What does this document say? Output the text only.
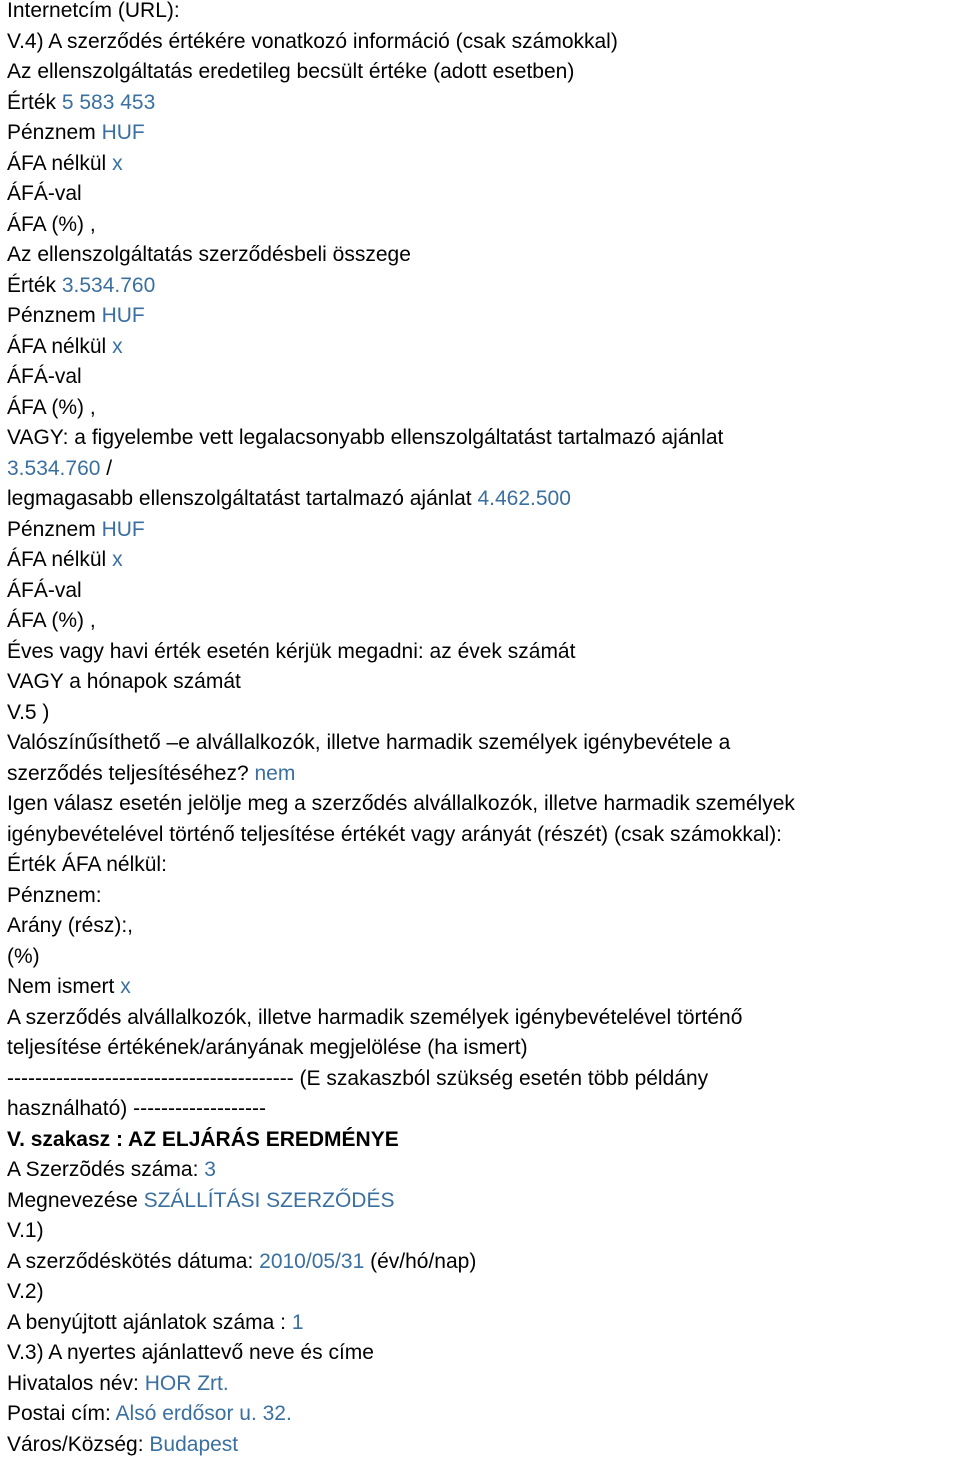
Internetcím (URL):
V.4) A szerződés értékére vonatkozó információ (csak számokkal)
Az ellenszolgáltatás eredetileg becsült értéke (adott esetben)
Érték 5 583 453
Pénznem HUF
ÁFA nélkül x
ÁFÁ-val
ÁFA (%) ,
Az ellenszolgáltatás szerződésbeli összege
Érték 3.534.760
Pénznem HUF
ÁFA nélkül x
ÁFÁ-val
ÁFA (%) ,
VAGY: a figyelembe vett legalacsonyabb ellenszolgáltatást tartalmazó ajánlat
3.534.760 /
legmagasabb ellenszolgáltatást tartalmazó ajánlat 4.462.500
Pénznem HUF
ÁFA nélkül x
ÁFÁ-val
ÁFA (%) ,
Éves vagy havi érték esetén kérjük megadni: az évek számát
VAGY a hónapok számát
V.5 )
Valószínűsíthető –e alvállalkozók, illetve harmadik személyek igénybevétele a
szerződés teljesítéséhez? nem
Igen válasz esetén jelölje meg a szerződés alvállalkozók, illetve harmadik személyek
igénybevételével történő teljesítése értékét vagy arányát (részét) (csak számokkal):
Érték ÁFA nélkül:
Pénznem:
Arány (rész):,
(%)
Nem ismert x
A szerződés alvállalkozók, illetve harmadik személyek igénybevételével történő
teljesítése értékének/arányának megjelölése (ha ismert)
----------------------------------------- (E szakaszból szükség esetén több példány
használható) -------------------
V. szakasz : AZ ELJÁRÁS EREDMÉNYE
A Szerzõdés száma: 3
Megnevezése SZÁLLÍTÁSI SZERZŐDÉS
V.1)
A szerződéskötés dátuma: 2010/05/31 (év/hó/nap)
V.2)
A benyújtott ajánlatok száma : 1
V.3) A nyertes ajánlattevő neve és címe
Hivatalos név: HOR Zrt.
Postai cím: Alsó erdősor u. 32.
Város/Község: Budapest
